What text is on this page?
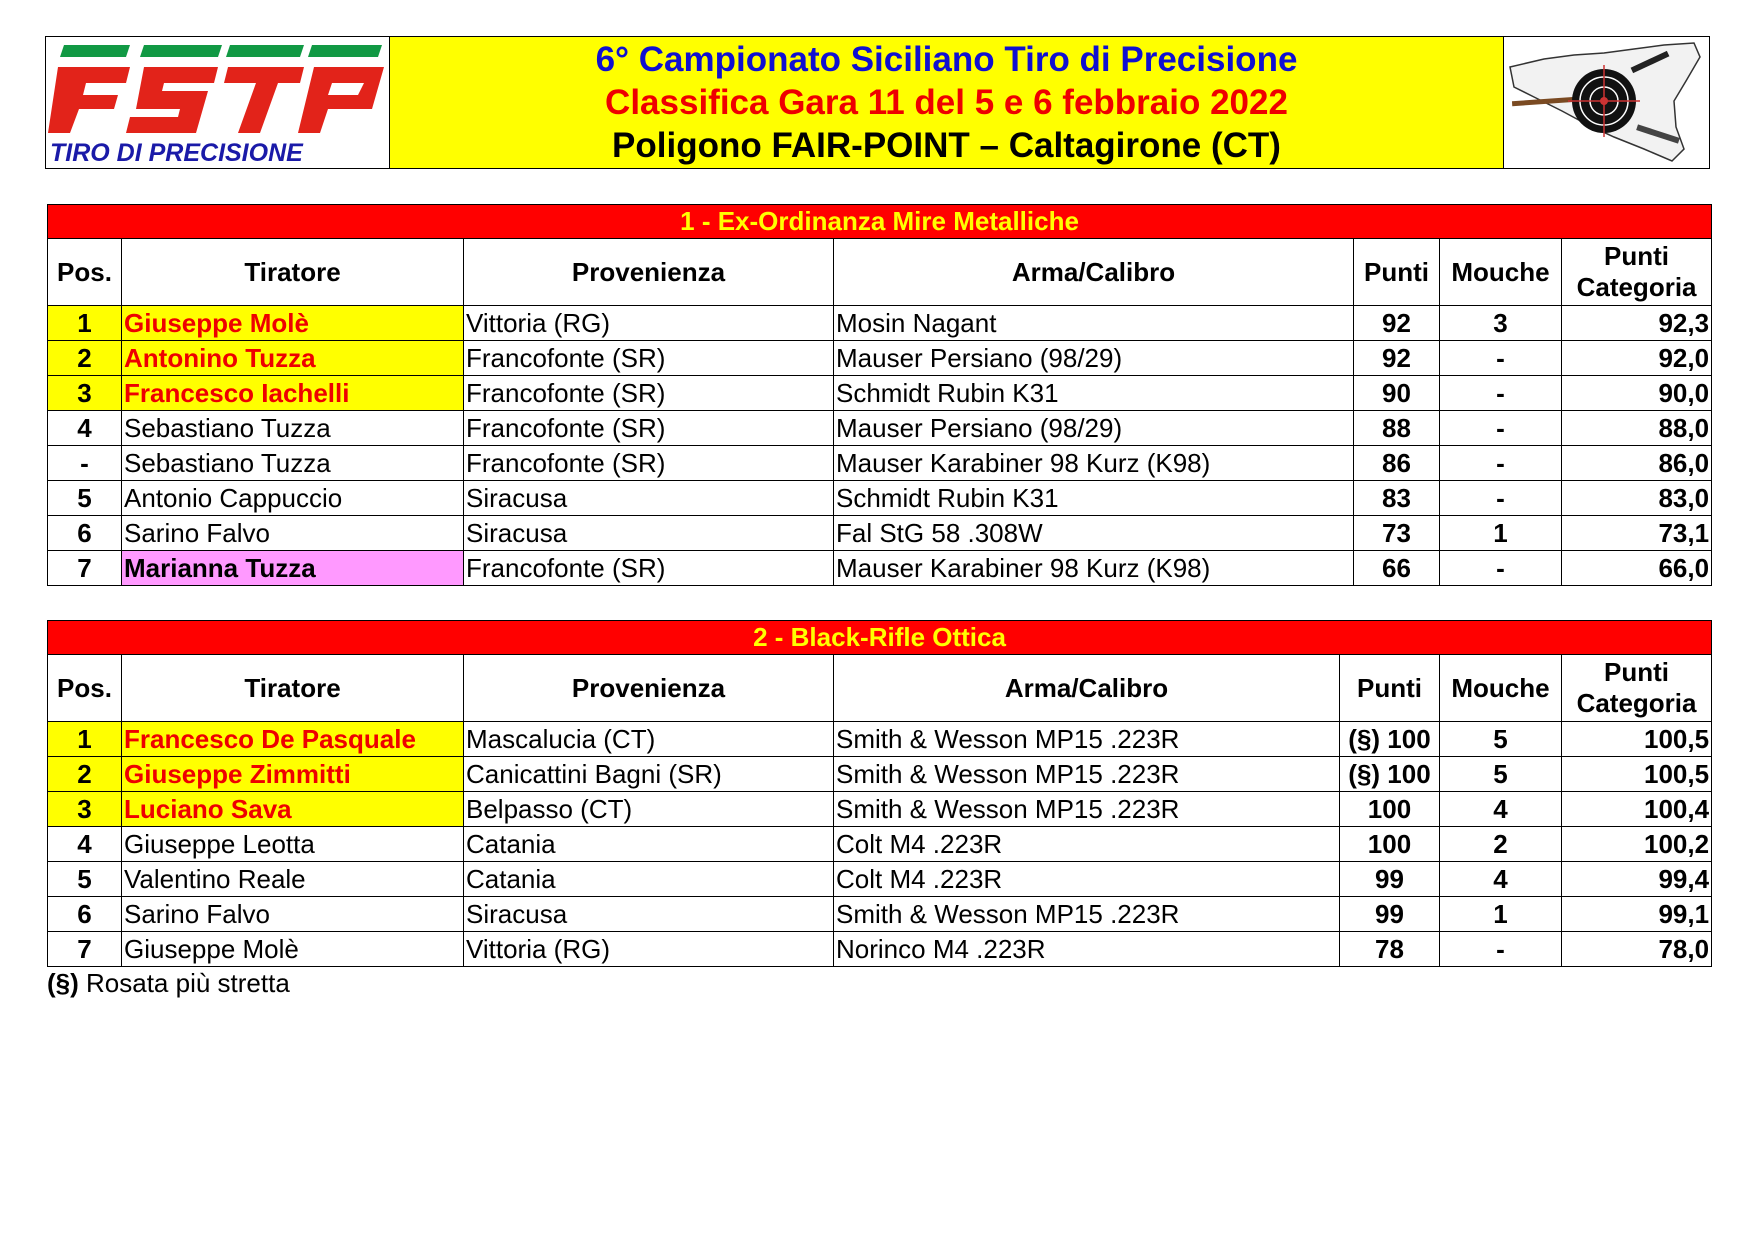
TIRO DI PRECISIONE
6° Campionato Siciliano Tiro di Precisione
Classifica Gara 11 del 5 e 6 febbraio 2022
Poligono FAIR-POINT – Caltagirone (CT)
1 - Ex-Ordinanza Mire Metalliche						
Pos.	Tiratore	Provenienza	Arma/Calibro	Punti	Mouche	Punti
Categoria
1	Giuseppe Molè	Vittoria (RG)	Mosin Nagant	92	3	92,3
2	Antonino Tuzza	Francofonte (SR)	Mauser Persiano (98/29)	92	-	92,0
3	Francesco Iachelli	Francofonte (SR)	Schmidt Rubin K31	90	-	90,0
4	Sebastiano Tuzza	Francofonte (SR)	Mauser Persiano (98/29)	88	-	88,0
-	Sebastiano Tuzza	Francofonte (SR)	Mauser Karabiner 98 Kurz (K98)	86	-	86,0
5	Antonio Cappuccio	Siracusa	Schmidt Rubin K31	83	-	83,0
6	Sarino Falvo	Siracusa	Fal StG 58 .308W	73	1	73,1
7	Marianna Tuzza	Francofonte (SR)	Mauser Karabiner 98 Kurz (K98)	66	-	66,0
2 - Black-Rifle Ottica						
Pos.	Tiratore	Provenienza	Arma/Calibro	Punti	Mouche	Punti
Categoria
1	Francesco De Pasquale	Mascalucia (CT)	Smith & Wesson MP15 .223R	(§) 100	5	100,5
2	Giuseppe Zimmitti	Canicattini Bagni (SR)	Smith & Wesson MP15 .223R	(§) 100	5	100,5
3	Luciano Sava	Belpasso (CT)	Smith & Wesson MP15 .223R	100	4	100,4
4	Giuseppe Leotta	Catania	Colt M4 .223R	100	2	100,2
5	Valentino Reale	Catania	Colt M4 .223R	99	4	99,4
6	Sarino Falvo	Siracusa	Smith & Wesson MP15 .223R	99	1	99,1
7	Giuseppe Molè	Vittoria (RG)	Norinco M4 .223R	78	-	78,0
(§) Rosata più stretta
